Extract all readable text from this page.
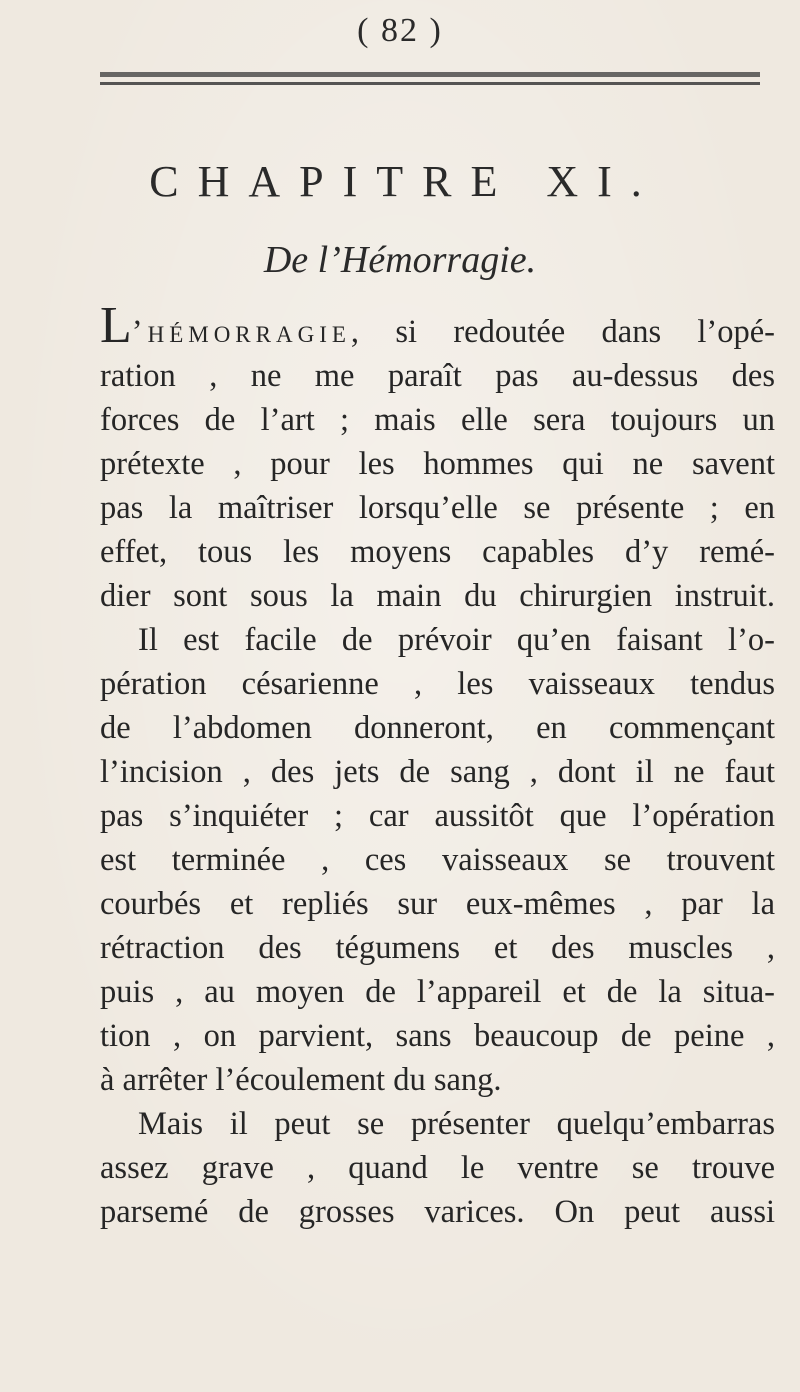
( 82 )
CHAPITRE XI.
De l’Hémorragie.
L’hémorragie, si redoutée dans l’opé-
ration , ne me paraît pas au-dessus des
forces de l’art ; mais elle sera toujours un
prétexte , pour les hommes qui ne savent
pas la maîtriser lorsqu’elle se présente ; en
effet, tous les moyens capables d’y remé-
dier sont sous la main du chirurgien instruit.
Il est facile de prévoir qu’en faisant l’o-
pération césarienne , les vaisseaux tendus
de l’abdomen donneront, en commençant
l’incision , des jets de sang , dont il ne faut
pas s’inquiéter ; car aussitôt que l’opération
est terminée , ces vaisseaux se trouvent
courbés et repliés sur eux-mêmes , par la
rétraction des tégumens et des muscles ,
puis , au moyen de l’appareil et de la situa-
tion , on parvient, sans beaucoup de peine ,
à arrêter l’écoulement du sang.
Mais il peut se présenter quelqu’embarras
assez grave , quand le ventre se trouve
parsemé de grosses varices. On peut aussi
